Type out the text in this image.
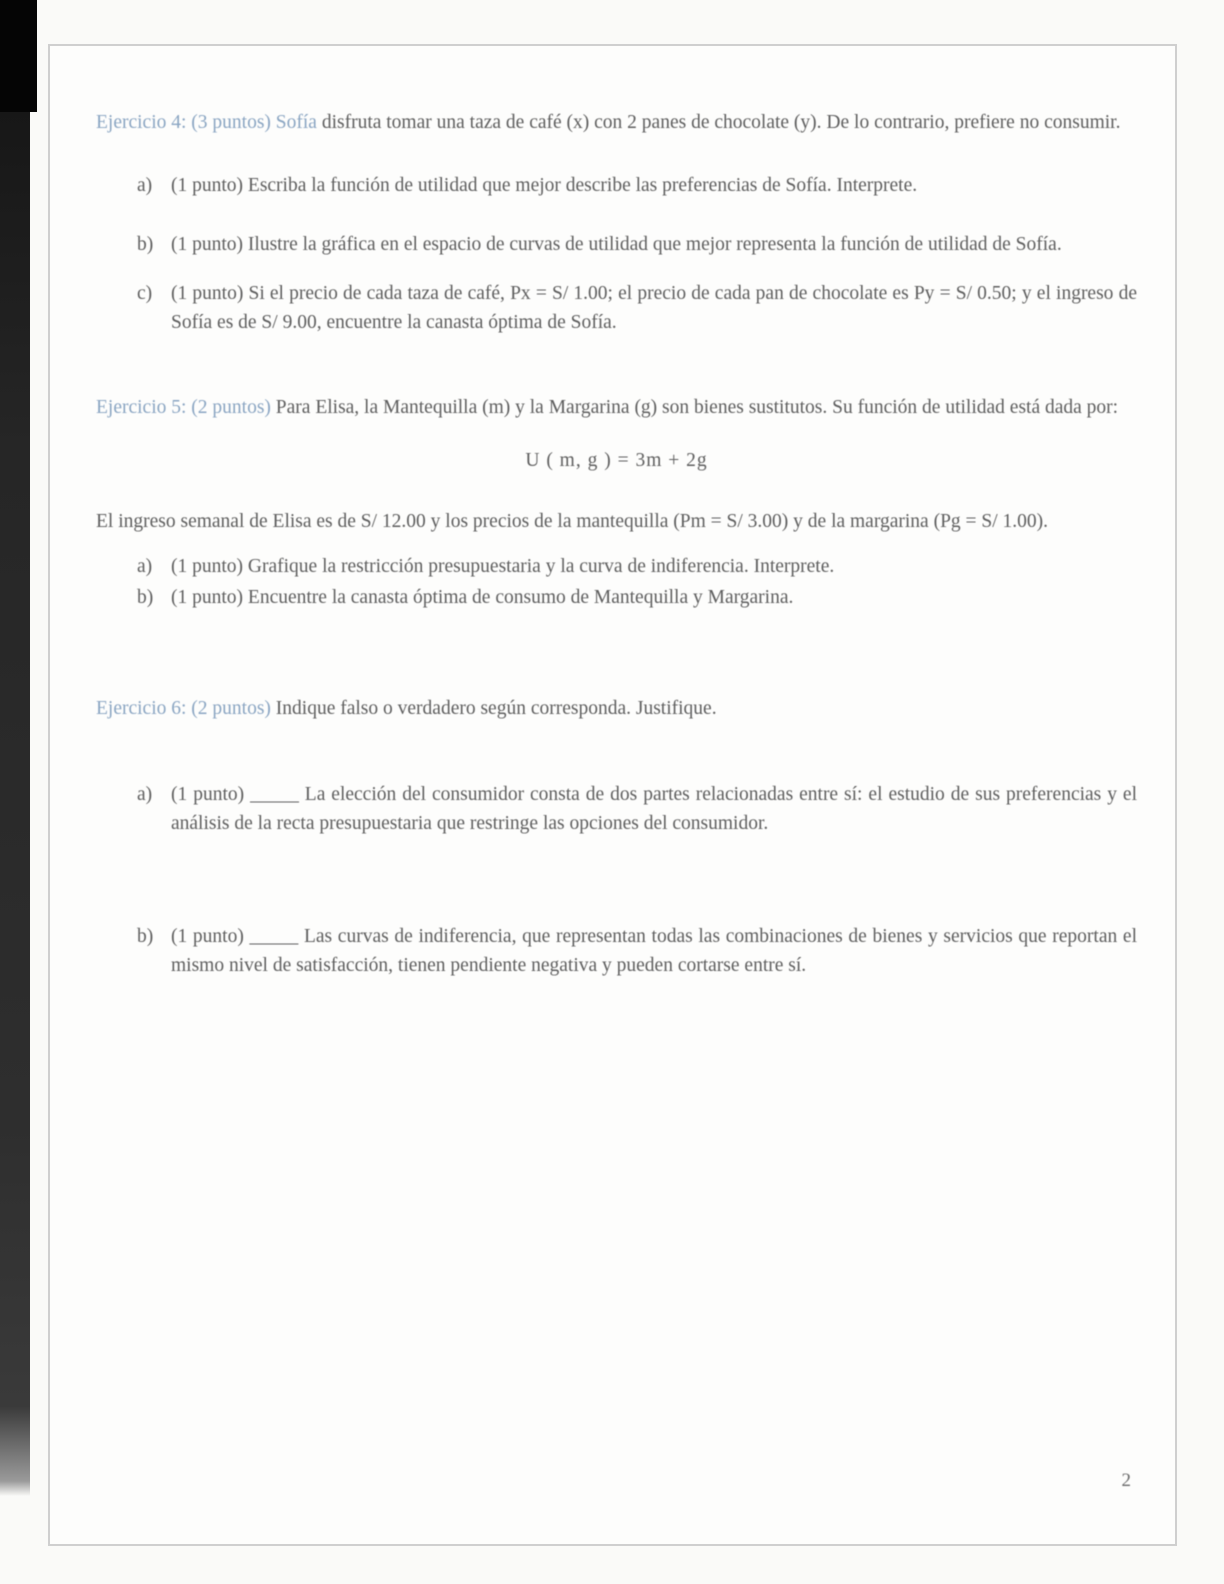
Ejercicio 4: (3 puntos) Sofía disfruta tomar una taza de café (x) con 2 panes de chocolate (y). De lo contrario, prefiere no consumir.

a) (1 punto) Escriba la función de utilidad que mejor describe las preferencias de Sofía. Interprete.
b) (1 punto) Ilustre la gráfica en el espacio de curvas de utilidad que mejor representa la función de utilidad de Sofía.
c) (1 punto) Si el precio de cada taza de café, Px = S/ 1.00; el precio de cada pan de chocolate es Py = S/ 0.50; y el ingreso de Sofía es de S/ 9.00, encuentre la canasta óptima de Sofía.

Ejercicio 5: (2 puntos) Para Elisa, la Mantequilla (m) y la Margarina (g) son bienes sustitutos. Su función de utilidad está dada por:

U ( m, g ) = 3m + 2g

El ingreso semanal de Elisa es de S/ 12.00 y los precios de la mantequilla (Pm = S/ 3.00) y de la margarina (Pg = S/ 1.00).

a) (1 punto) Grafique la restricción presupuestaria y la curva de indiferencia. Interprete.
b) (1 punto) Encuentre la canasta óptima de consumo de Mantequilla y Margarina.

Ejercicio 6: (2 puntos) Indique falso o verdadero según corresponda. Justifique.

a) (1 punto) _____ La elección del consumidor consta de dos partes relacionadas entre sí: el estudio de sus preferencias y el análisis de la recta presupuestaria que restringe las opciones del consumidor.
b) (1 punto) _____ Las curvas de indiferencia, que representan todas las combinaciones de bienes y servicios que reportan el mismo nivel de satisfacción, tienen pendiente negativa y pueden cortarse entre sí.
2
